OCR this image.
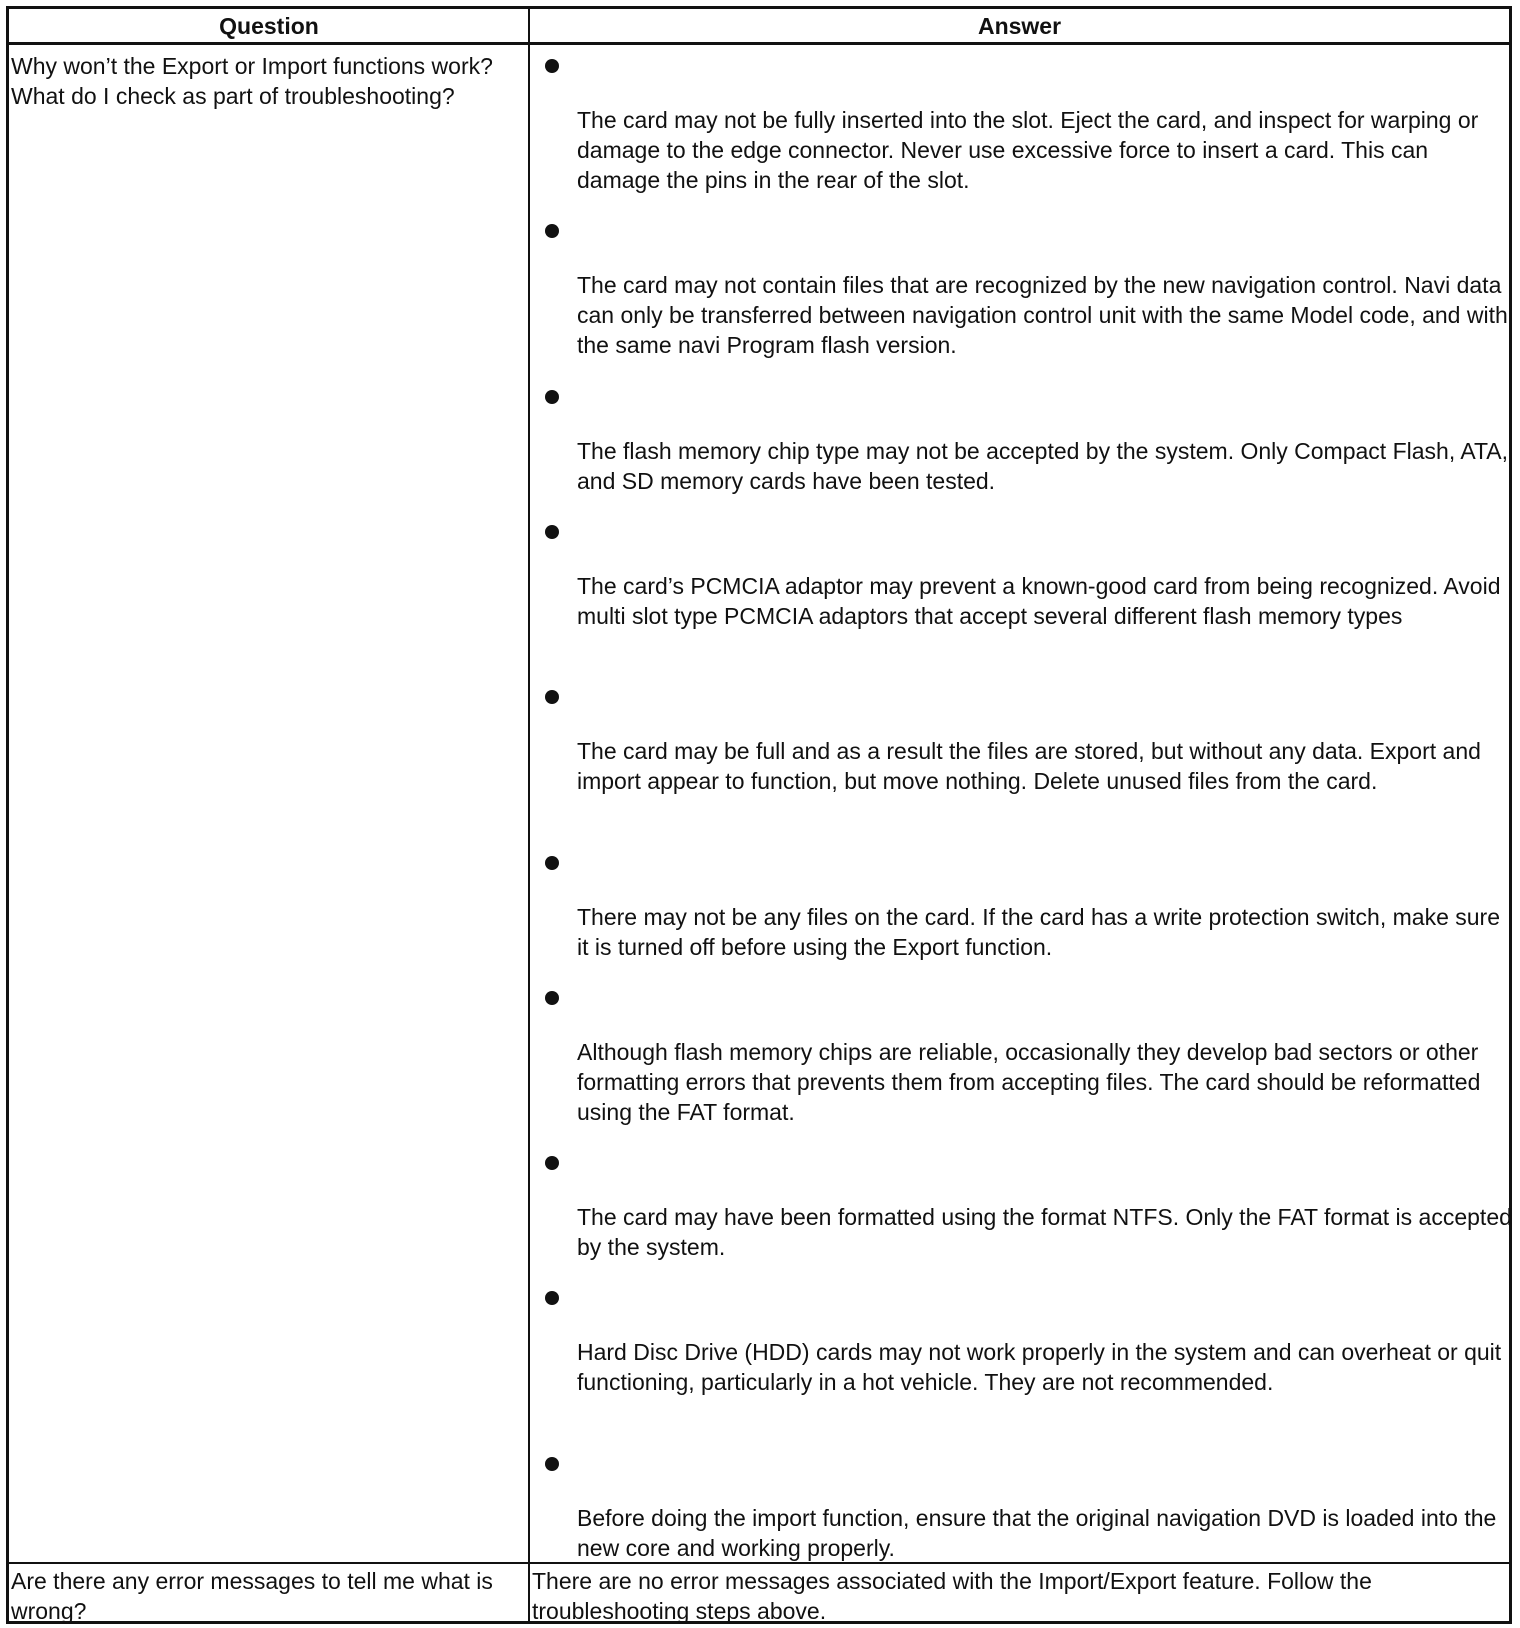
Question	Answer
Why won’t the Export or Import functions work? What do I check as part of troubleshooting?
The card may not be fully inserted into the slot. Eject the card, and inspect for warping or damage to the edge connector. Never use excessive force to insert a card. This can damage the pins in the rear of the slot.
The card may not contain files that are recognized by the new navigation control. Navi data can only be transferred between navigation control unit with the same Model code, and with the same navi Program flash version.
The flash memory chip type may not be accepted by the system. Only Compact Flash, ATA, and SD memory cards have been tested.
The card’s PCMCIA adaptor may prevent a known-good card from being recognized. Avoid multi slot type PCMCIA adaptors that accept several different flash memory types
The card may be full and as a result the files are stored, but without any data. Export and import appear to function, but move nothing. Delete unused files from the card.
There may not be any files on the card. If the card has a write protection switch, make sure it is turned off before using the Export function.
Although flash memory chips are reliable, occasionally they develop bad sectors or other formatting errors that prevents them from accepting files. The card should be reformatted using the FAT format.
The card may have been formatted using the format NTFS. Only the FAT format is accepted by the system.
Hard Disc Drive (HDD) cards may not work properly in the system and can overheat or quit functioning, particularly in a hot vehicle. They are not recommended.
Before doing the import function, ensure that the original navigation DVD is loaded into the new core and working properly.
Are there any error messages to tell me what is wrong?
There are no error messages associated with the Import/Export feature. Follow the troubleshooting steps above.
